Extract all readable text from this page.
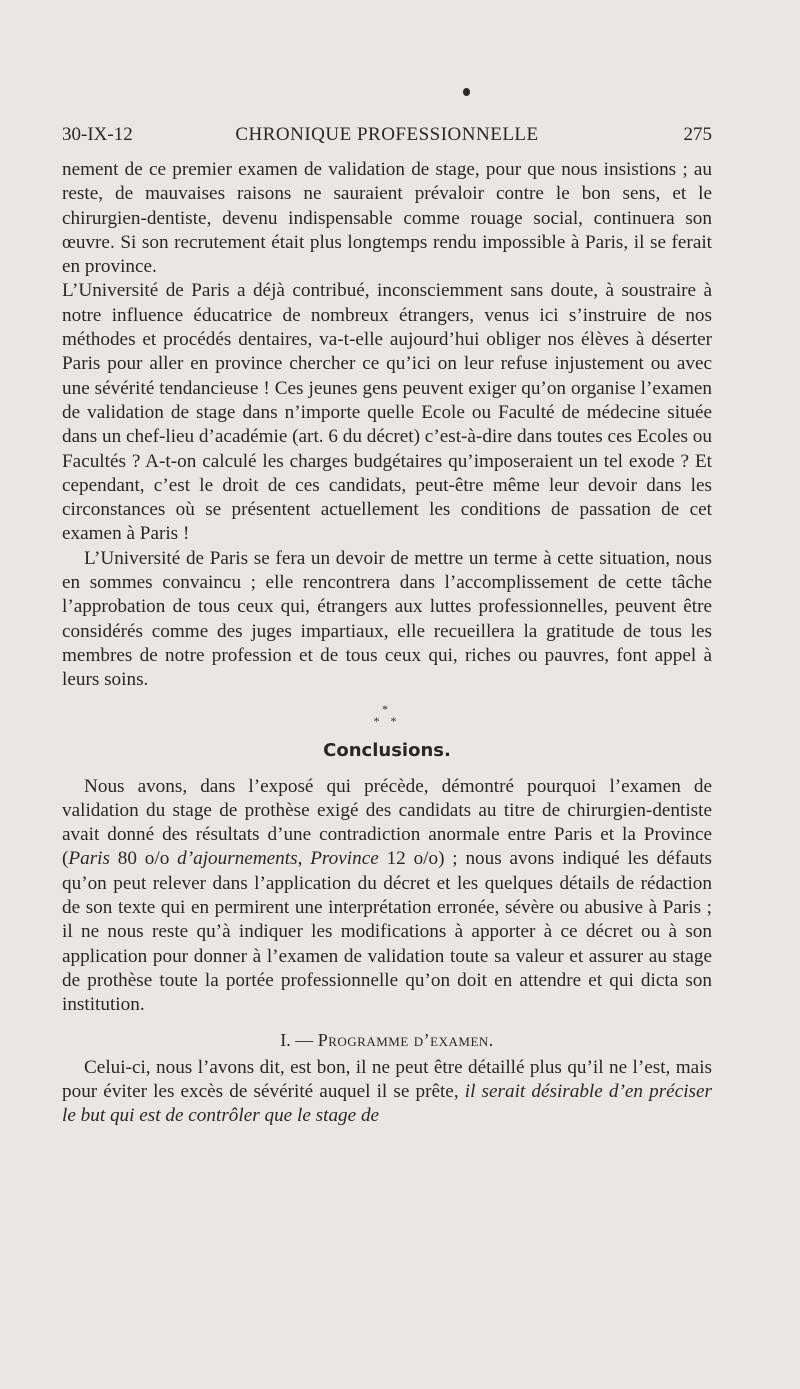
30-IX-12	CHRONIQUE PROFESSIONNELLE	275

nement de ce premier examen de validation de stage, pour que nous insistions ; au reste, de mauvaises raisons ne sauraient prévaloir contre le bon sens, et le chirurgien-dentiste, devenu indispensable comme rouage social, continuera son œuvre. Si son recrutement était plus longtemps rendu impossible à Paris, il se ferait en province.

L’Université de Paris a déjà contribué, inconsciemment sans doute, à soustraire à notre influence éducatrice de nombreux étrangers, venus ici s’instruire de nos méthodes et procédés dentaires, va-t-elle aujourd’hui obliger nos élèves à déserter Paris pour aller en province chercher ce qu’ici on leur refuse injustement ou avec une sévérité tendancieuse ! Ces jeunes gens peuvent exiger qu’on organise l’examen de validation de stage dans n’importe quelle Ecole ou Faculté de médecine située dans un chef-lieu d’académie (art. 6 du décret) c’est-à-dire dans toutes ces Ecoles ou Facultés ? A-t-on calculé les charges budgétaires qu’imposeraient un tel exode ? Et cependant, c’est le droit de ces candidats, peut-être même leur devoir dans les circonstances où se présentent actuellement les conditions de passation de cet examen à Paris !

L’Université de Paris se fera un devoir de mettre un terme à cette situation, nous en sommes convaincu ; elle rencontrera dans l’accomplissement de cette tâche l’approbation de tous ceux qui, étrangers aux luttes professionnelles, peuvent être considérés comme des juges impartiaux, elle recueillera la gratitude de tous les membres de notre profession et de tous ceux qui, riches ou pauvres, font appel à leurs soins.

*
* *
Conclusions.

Nous avons, dans l’exposé qui précède, démontré pourquoi l’examen de validation du stage de prothèse exigé des candidats au titre de chirurgien-dentiste avait donné des résultats d’une contradiction anormale entre Paris et la Province (Paris 80 o/o d’ajournements, Province 12 o/o) ; nous avons indiqué les défauts qu’on peut relever dans l’application du décret et les quelques détails de rédaction de son texte qui en permirent une interprétation erronée, sévère ou abusive à Paris ; il ne nous reste qu’à indiquer les modifications à apporter à ce décret ou à son application pour donner à l’examen de validation toute sa valeur et assurer au stage de prothèse toute la portée professionnelle qu’on doit en attendre et qui dicta son institution.

I. — Programme d’examen.

Celui-ci, nous l’avons dit, est bon, il ne peut être détaillé plus qu’il ne l’est, mais pour éviter les excès de sévérité auquel il se prête, il serait désirable d’en préciser le but qui est de contrôler que le stage de
